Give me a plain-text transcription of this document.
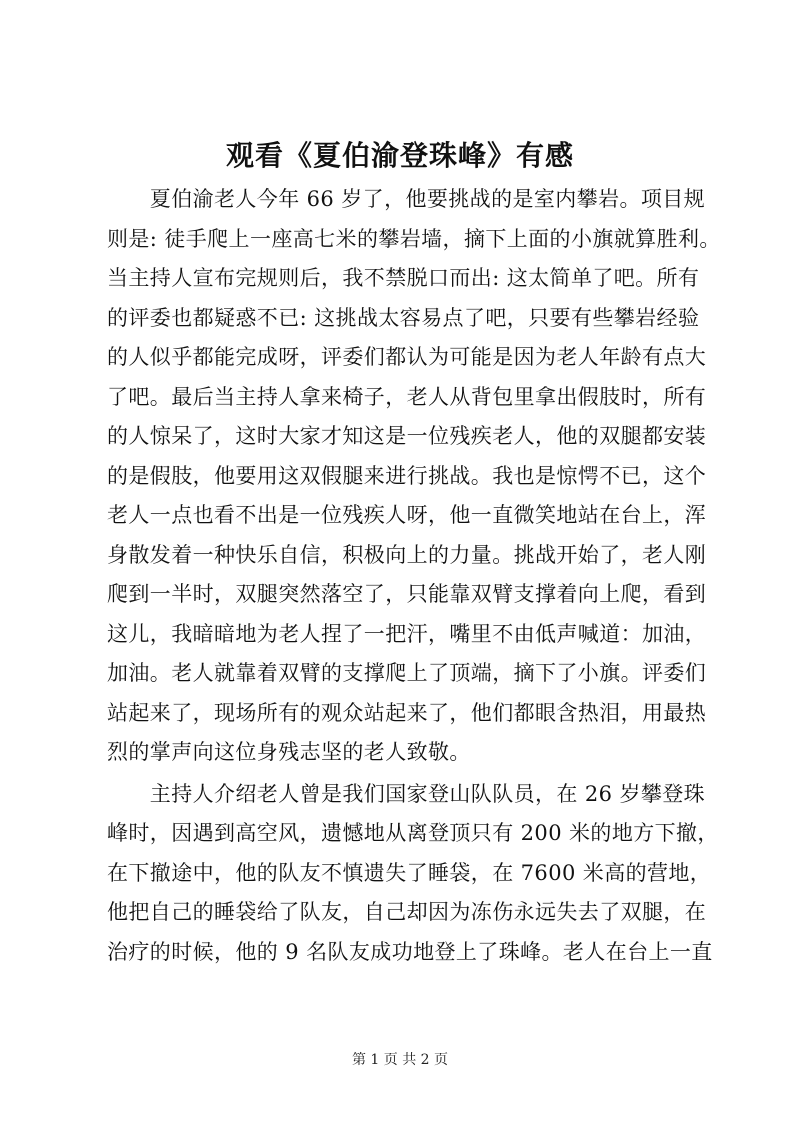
观看《夏伯渝登珠峰》有感
　　夏伯渝老人今年 66 岁了，他要挑战的是室内攀岩。项目规
则是: 徒手爬上一座高七米的攀岩墙，摘下上面的小旗就算胜利。
当主持人宣布完规则后，我不禁脱口而出: 这太简单了吧。所有
的评委也都疑惑不已: 这挑战太容易点了吧，只要有些攀岩经验
的人似乎都能完成呀，评委们都认为可能是因为老人年龄有点大
了吧。最后当主持人拿来椅子，老人从背包里拿出假肢时，所有
的人惊呆了，这时大家才知这是一位残疾老人，他的双腿都安装
的是假肢，他要用这双假腿来进行挑战。我也是惊愕不已，这个
老人一点也看不出是一位残疾人呀，他一直微笑地站在台上，浑
身散发着一种快乐自信，积极向上的力量。挑战开始了，老人刚
爬到一半时，双腿突然落空了，只能靠双臂支撑着向上爬，看到
这儿，我暗暗地为老人捏了一把汗，嘴里不由低声喊道：加油，
加油。老人就靠着双臂的支撑爬上了顶端，摘下了小旗。评委们
站起来了，现场所有的观众站起来了，他们都眼含热泪，用最热
烈的掌声向这位身残志坚的老人致敬。
　　主持人介绍老人曾是我们国家登山队队员，在 26 岁攀登珠
峰时，因遇到高空风，遗憾地从离登顶只有 200 米的地方下撤，
在下撤途中，他的队友不慎遗失了睡袋，在 7600 米高的营地，
他把自己的睡袋给了队友，自己却因为冻伤永远失去了双腿，在
治疗的时候，他的 9 名队友成功地登上了珠峰。老人在台上一直
第 1 页 共 2 页
